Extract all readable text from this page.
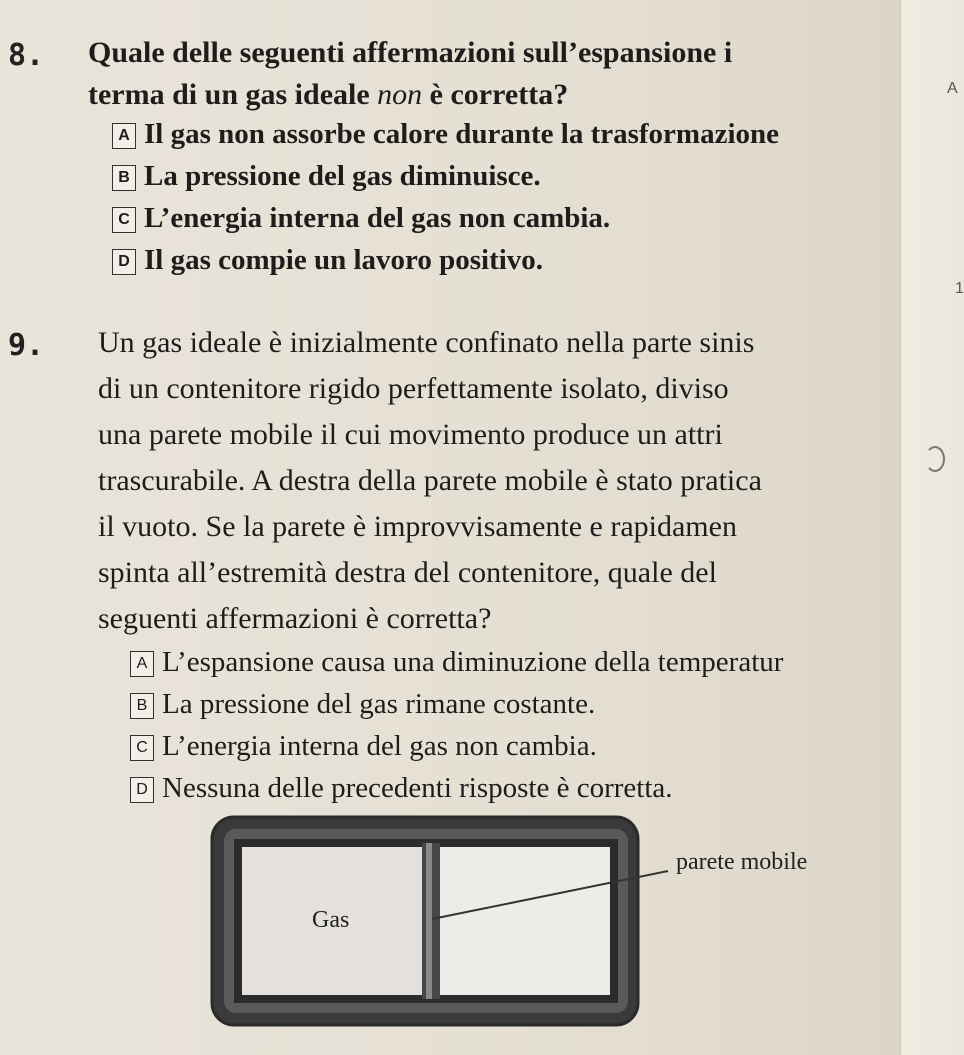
8. Quale delle seguenti affermazioni sull’espansione i
terma di un gas ideale non è corretta?
A Il gas non assorbe calore durante la trasformazione
B La pressione del gas diminuisce.
C L’energia interna del gas non cambia.
D Il gas compie un lavoro positivo.
9. Un gas ideale è inizialmente confinato nella parte sinis
di un contenitore rigido perfettamente isolato, diviso
una parete mobile il cui movimento produce un attri
trascurabile. A destra della parete mobile è stato pratica
il vuoto. Se la parete è improvvisamente e rapidamen
spinta all’estremità destra del contenitore, quale del
seguenti affermazioni è corretta?
A L’espansione causa una diminuzione della temperatur
B La pressione del gas rimane costante.
C L’energia interna del gas non cambia.
D Nessuna delle precedenti risposte è corretta.
Gas
parete mobile
A
1
